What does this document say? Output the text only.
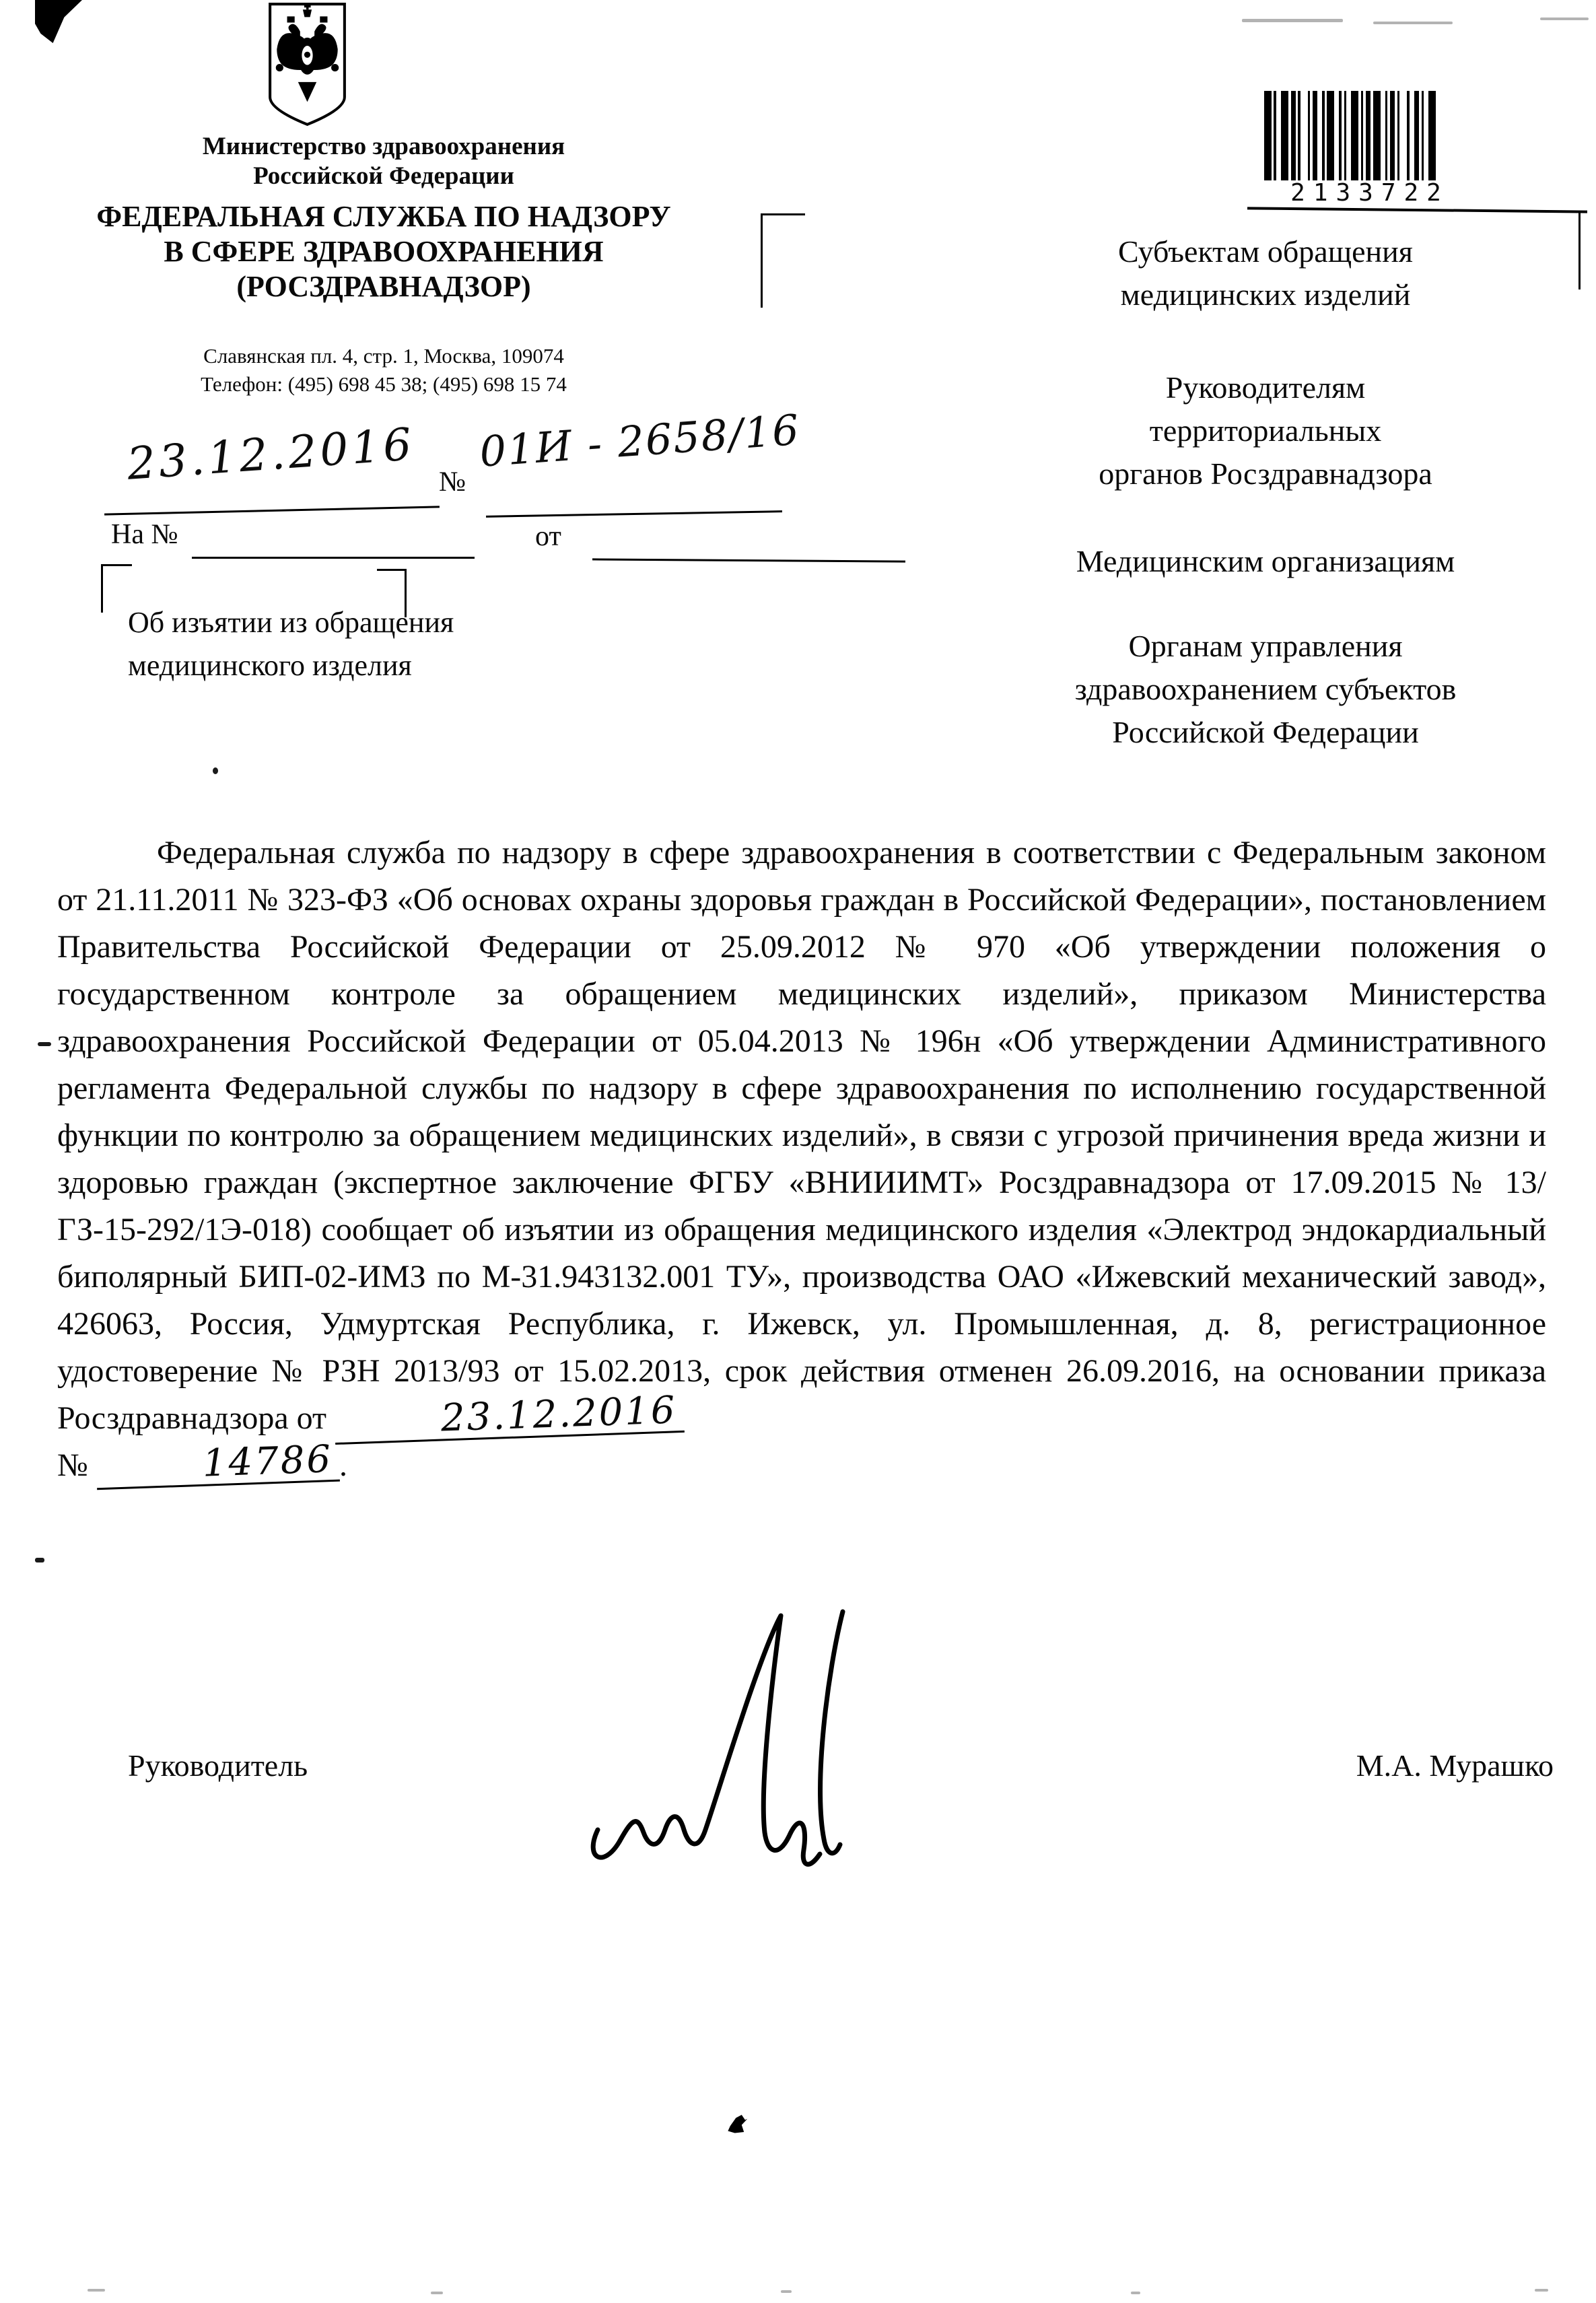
Министерство здравоохранения
Российской Федерации
ФЕДЕРАЛЬНАЯ СЛУЖБА ПО НАДЗОРУ
В СФЕРЕ ЗДРАВООХРАНЕНИЯ
(РОСЗДРАВНАДЗОР)
Славянская пл. 4, стр. 1, Москва, 109074
Телефон: (495) 698 45 38; (495) 698 15 74
2133722
23.12.2016 №
01И - 2658/16
На №	от
Об изъятии из обращения
медицинского изделия
Субъектам обращения
медицинских изделий
Руководителям
территориальных
органов Росздравнадзора
Медицинским организациям
Органам управления
здравоохранением субъектов
Российской Федерации
Федеральная служба по надзору в сфере здравоохранения в соответствии с Федеральным законом от 21.11.2011 № 323-ФЗ «Об основах охраны здоровья граждан в Российской Федерации», постановлением Правительства Российской Федерации от 25.09.2012 № 970 «Об утверждении положения о государственном контроле за обращением медицинских изделий», приказом Министерства здравоохранения Российской Федерации от 05.04.2013 № 196н «Об утверждении Административного регламента Федеральной службы по надзору в сфере здравоохранения по исполнению государственной функции по контролю за обращением медицинских изделий», в связи с угрозой причинения вреда жизни и здоровью граждан (экспертное заключение ФГБУ «ВНИИИМТ» Росздравнадзора от 17.09.2015 № 13/ГЗ-15-292/1Э-018) сообщает об изъятии из обращения медицинского изделия «Электрод эндокардиальный биполярный БИП-02-ИМЗ по М-31.943132.001 ТУ», производства ОАО «Ижевский механический завод», 426063, Россия, Удмуртская Республика, г. Ижевск, ул. Промышленная, д. 8, регистрационное удостоверение № РЗН 2013/93 от 15.02.2013, срок действия отменен 26.09.2016, на основании приказа Росздравнадзора от	23.12.2016
№	14786 .
Руководитель	М.А. Мурашко
